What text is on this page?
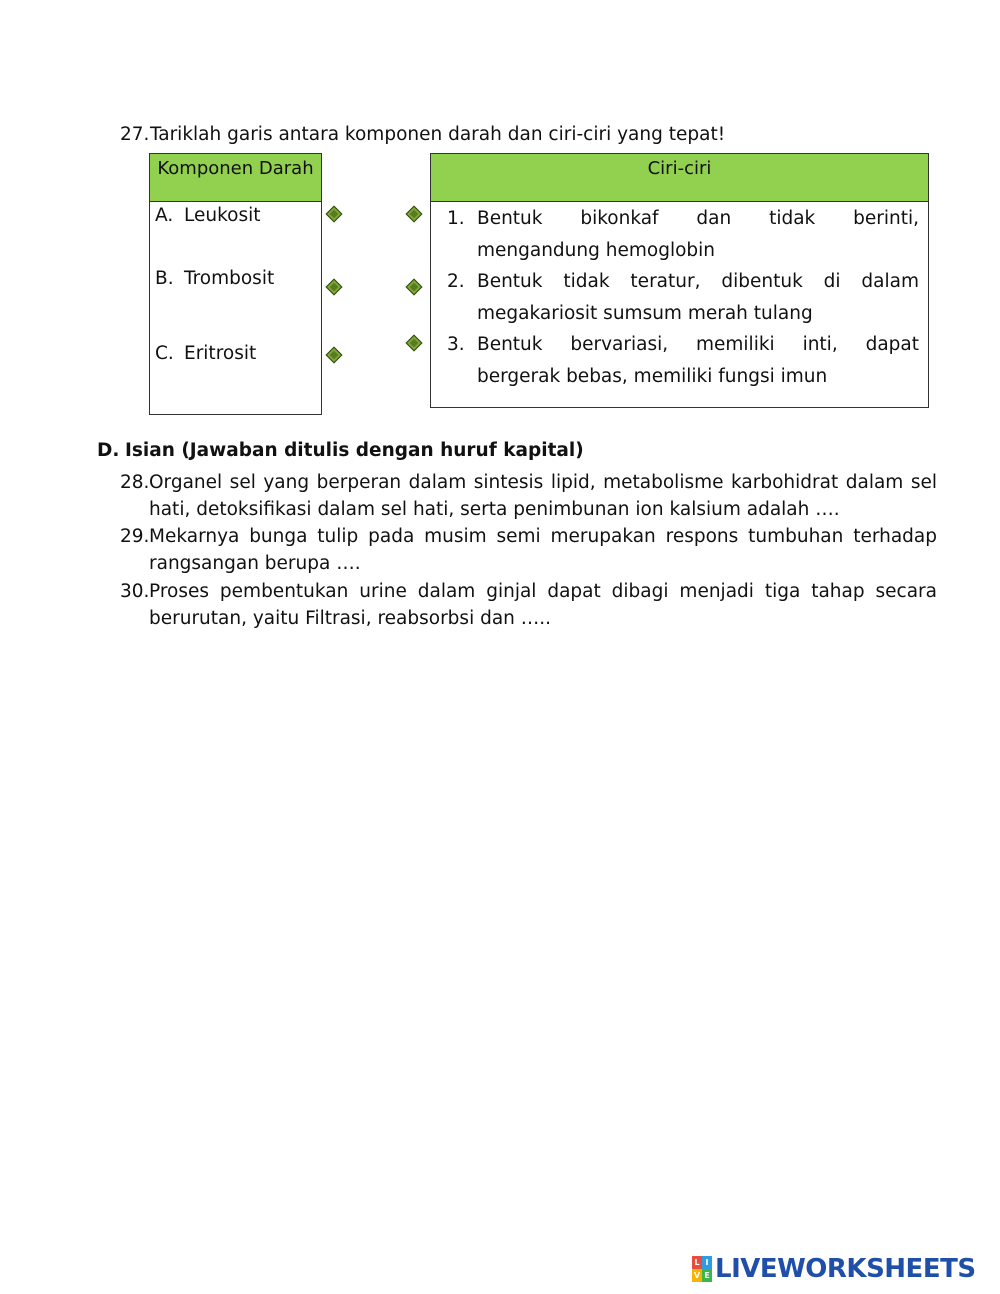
27.Tariklah garis antara komponen darah dan ciri-ciri yang tepat!
Komponen Darah
A. Leukosit
B. Trombosit
C. Eritrosit
Ciri-ciri
1. Bentuk bikonkaf dan tidak berinti, mengandung hemoglobin
2. Bentuk tidak teratur, dibentuk di dalam megakariosit sumsum merah tulang
3. Bentuk bervariasi, memiliki inti, dapat bergerak bebas, memiliki fungsi imun
D. Isian (Jawaban ditulis dengan huruf kapital)
28. Organel sel yang berperan dalam sintesis lipid, metabolisme karbohidrat dalam sel hati, detoksifikasi dalam sel hati, serta penimbunan ion kalsium adalah ….
29. Mekarnya bunga tulip pada musim semi merupakan respons tumbuhan terhadap rangsangan berupa ….
30. Proses pembentukan urine dalam ginjal dapat dibagi menjadi tiga tahap secara berurutan, yaitu Filtrasi, reabsorbsi dan …..
L I
V E LIVEWORKSHEETS
